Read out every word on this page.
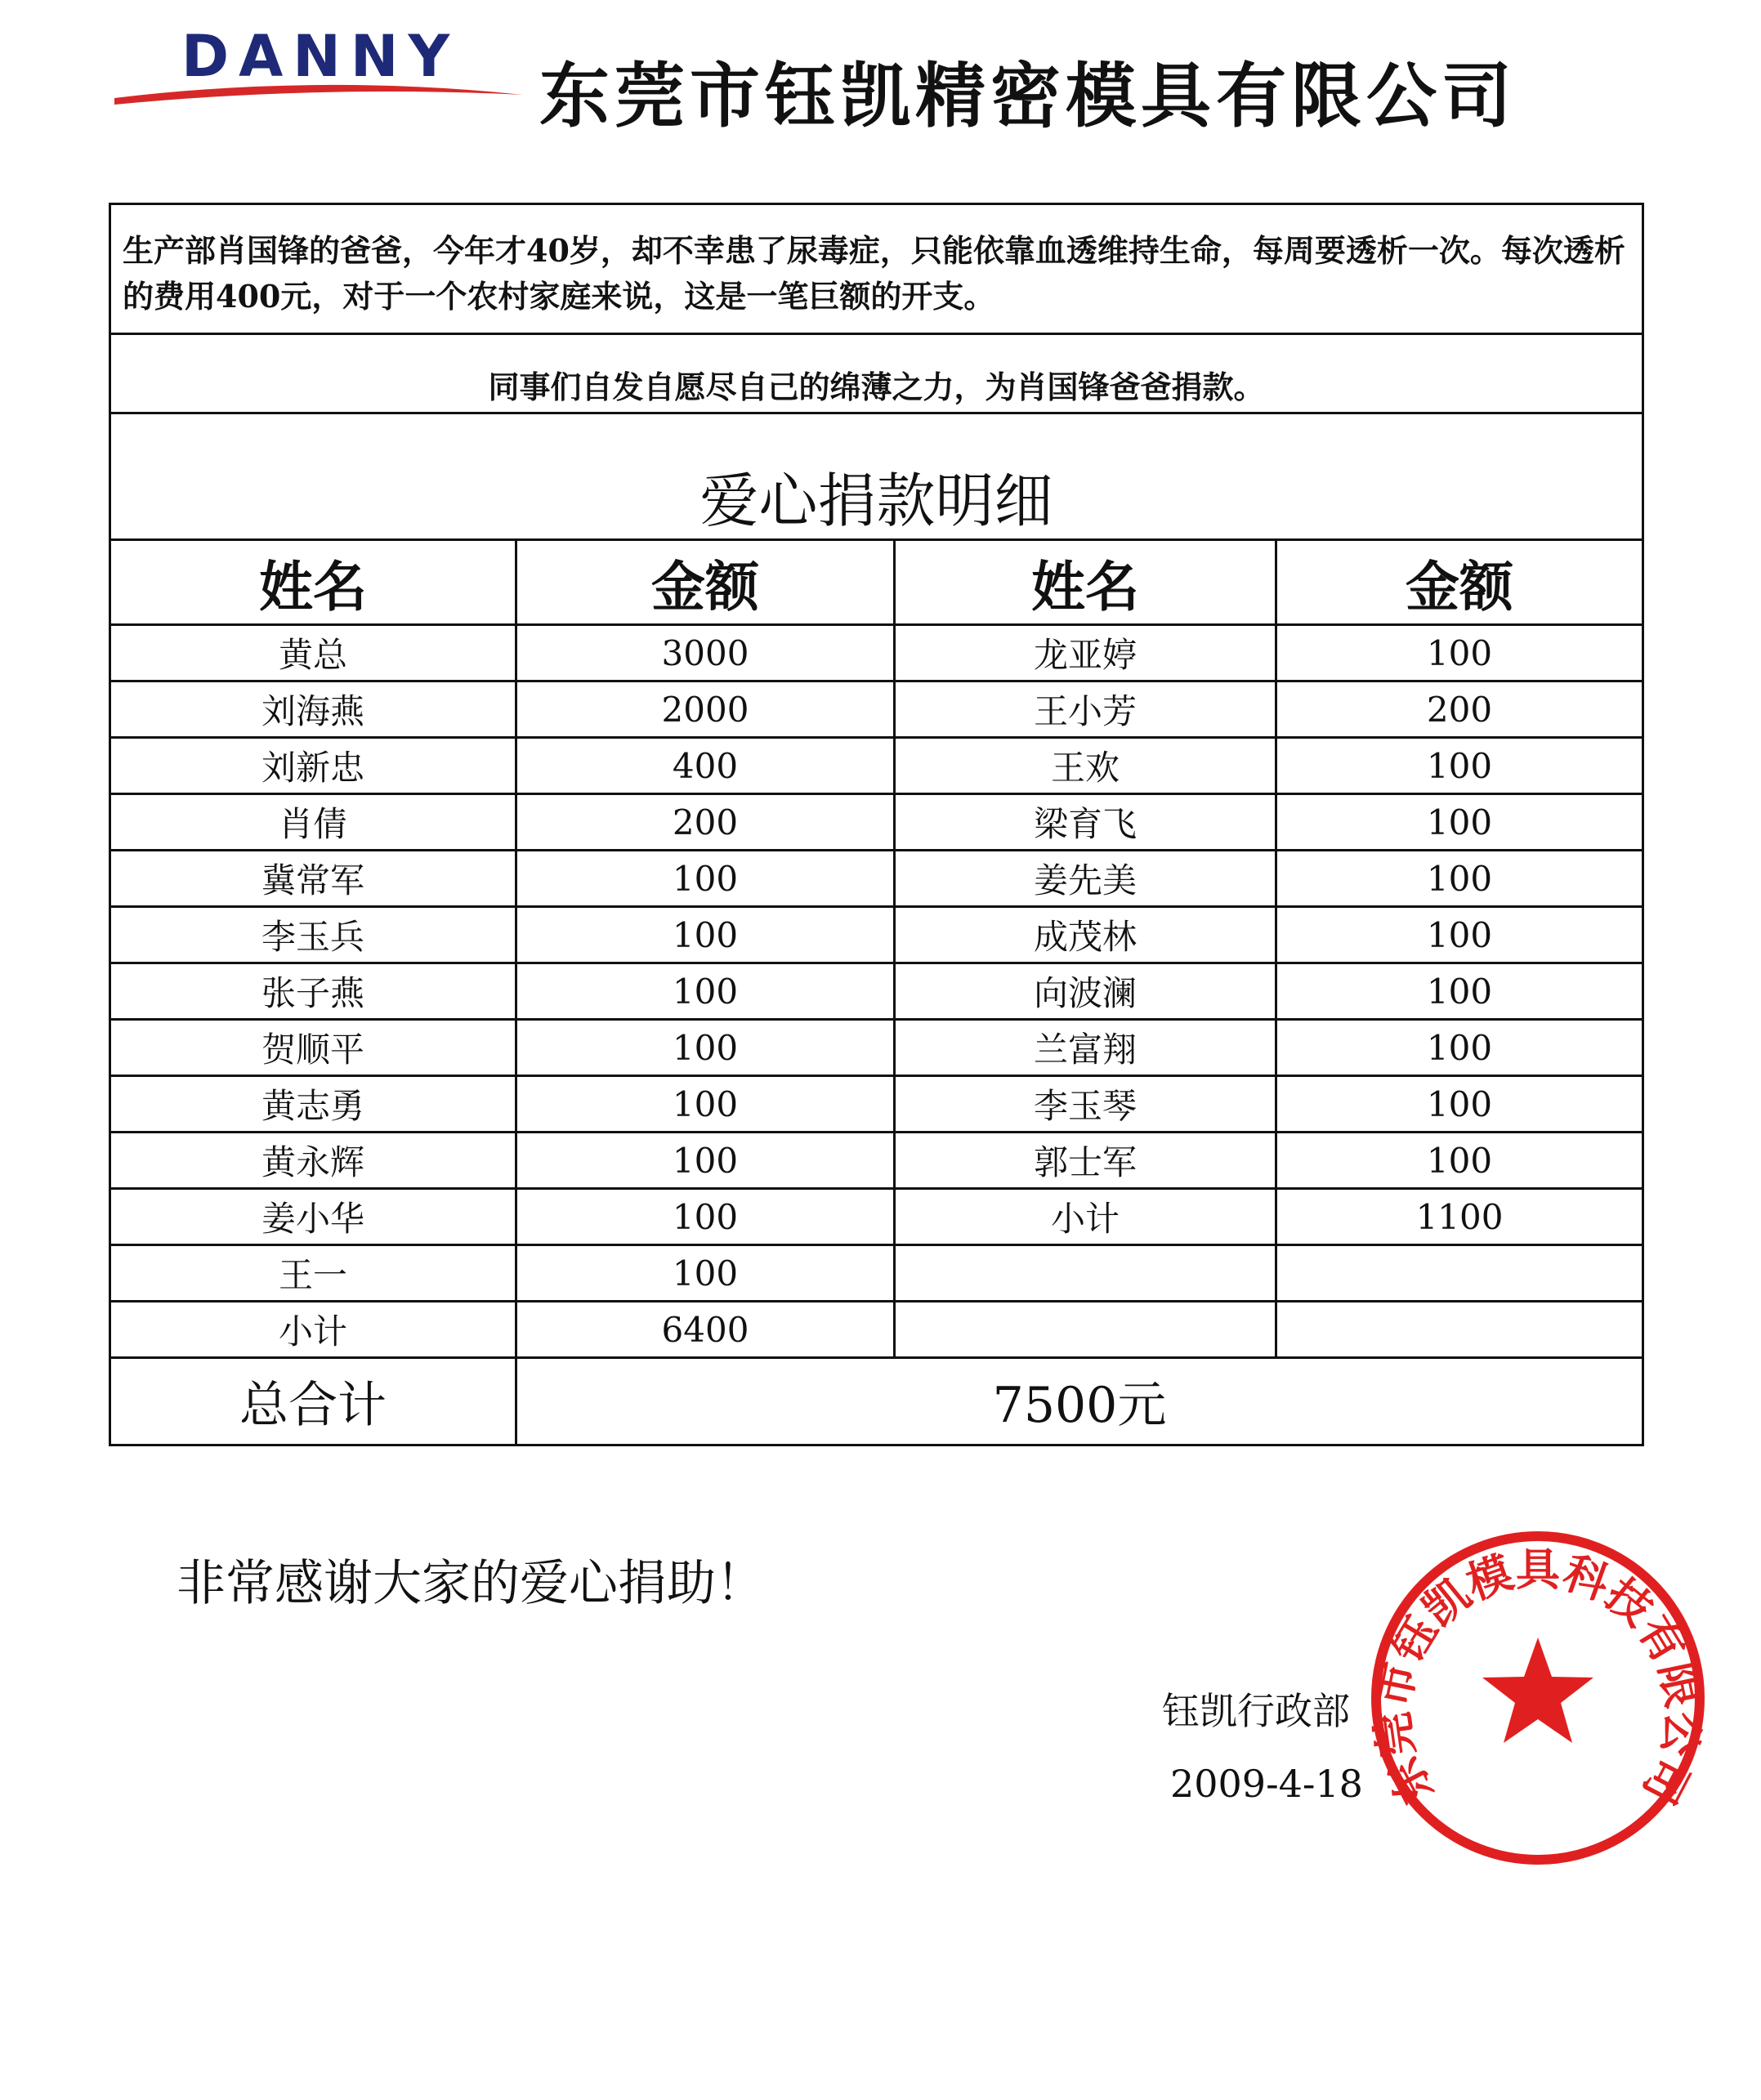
DANNY 东莞市钰凯精密模具有限公司
生产部肖国锋的爸爸，今年才40岁，却不幸患了尿毒症，只能依靠血透维持生命，每周要透析一次。每次透析的费用400元，对于一个农村家庭来说，这是一笔巨额的开支。			
同事们自发自愿尽自己的绵薄之力，为肖国锋爸爸捐款。			
爱心捐款明细			
姓名	金额	姓名	金额
黄总	3000	龙亚婷	100
刘海燕	2000	王小芳	200
刘新忠	400	王欢	100
肖倩	200	梁育飞	100
冀常军	100	姜先美	100
李玉兵	100	成茂林	100
张子燕	100	向波澜	100
贺顺平	100	兰富翔	100
黄志勇	100	李玉琴	100
黄永辉	100	郭士军	100
姜小华	100	小计	1100
王一	100		
小计	6400		
总合计	7500元		
非常感谢大家的爱心捐助！
钰凯行政部
2009-4-18 东莞市钰凯模具科技有限公司
